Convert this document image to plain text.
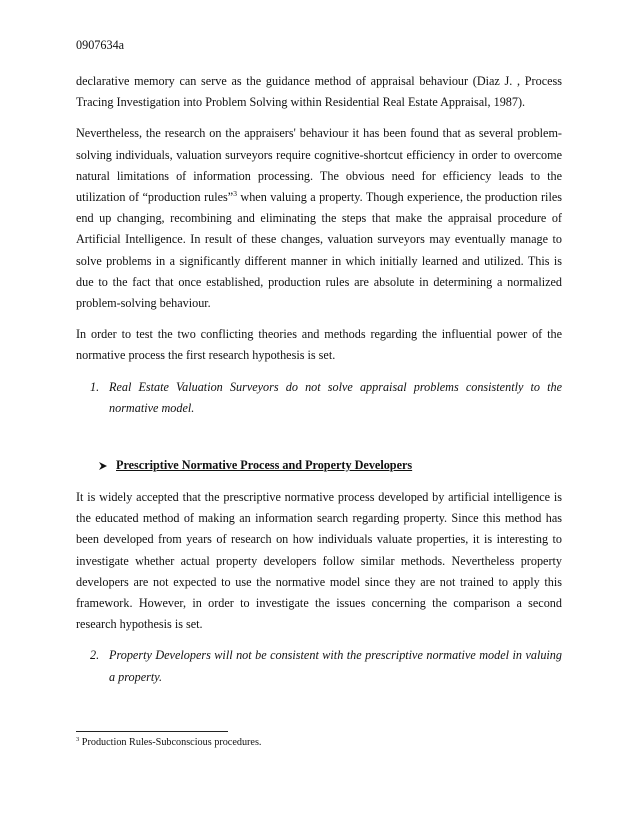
0907634a

declarative memory can serve as the guidance method of appraisal behaviour (Diaz J. , Process Tracing Investigation into Problem Solving within Residential Real Estate Appraisal, 1987).

Nevertheless, the research on the appraisers' behaviour it has been found that as several problem-solving individuals, valuation surveyors require cognitive-shortcut efficiency in order to overcome natural limitations of information processing. The obvious need for efficiency leads to the utilization of “production rules”$^3$ when valuing a property. Though experience, the production riles end up changing, recombining and eliminating the steps that make the appraisal procedure of Artificial Intelligence. In result of these changes, valuation surveyors may eventually manage to solve problems in a significantly different manner in which initially learned and utilized. This is due to the fact that once established, production rules are absolute in determining a normalized problem-solving behaviour.

In order to test the two conflicting theories and methods regarding the influential power of the normative process the first research hypothesis is set.

1. Real Estate Valuation Surveyors do not solve appraisal problems consistently to the normative model.
Prescriptive Normative Process and Property Developers

It is widely accepted that the prescriptive normative process developed by artificial intelligence is the educated method of making an information search regarding property. Since this method has been developed from years of research on how individuals valuate properties, it is interesting to investigate whether actual property developers follow similar methods. Nevertheless property developers are not expected to use the normative model since they are not trained to apply this framework. However, in order to investigate the issues concerning the comparison a second research hypothesis is set.

2. Property Developers will not be consistent with the prescriptive normative model in valuing a property.
$^3$ Production Rules-Subconscious procedures.
